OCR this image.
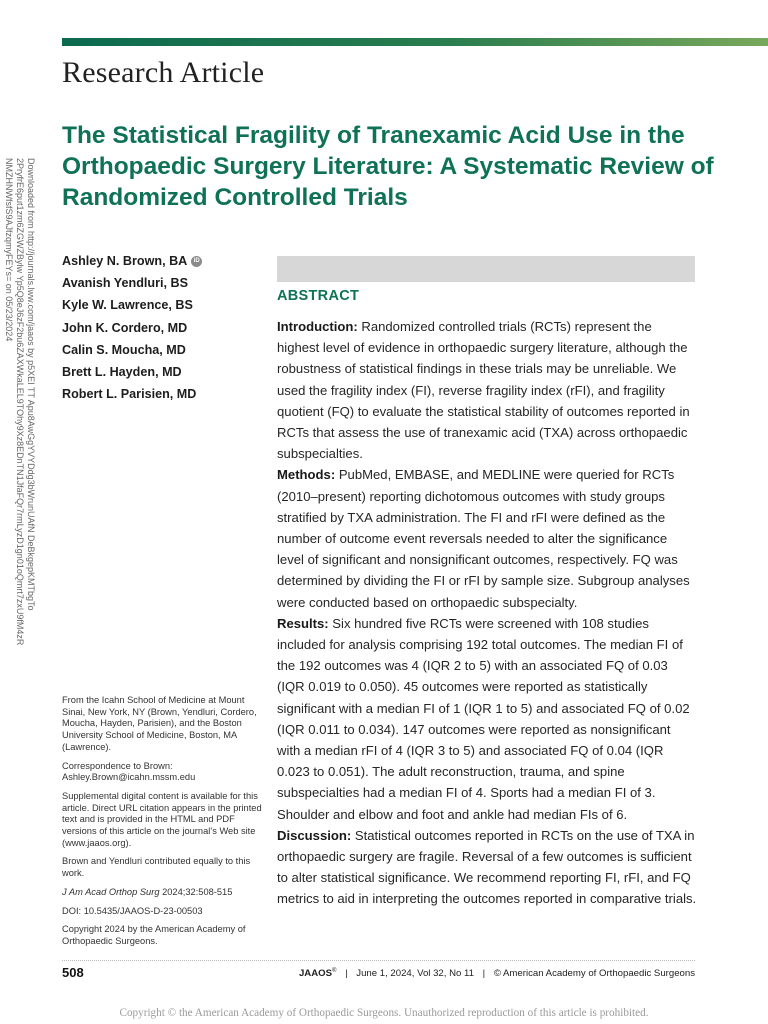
Research Article
The Statistical Fragility of Tranexamic Acid Use in the Orthopaedic Surgery Literature: A Systematic Review of Randomized Controlled Trials
Downloaded from http://journals.lww.com/jaaos by p5XEI TT Apu8AwGgYVYDdg3bWrunUAfN DeBkgepKMTbgTo
2PryfrE6put1zm6ZGWZBylw Yp5Q8eJ6zF2bu6ZAXWkaLEL9TOhy9Xz8EDnTN1JfaFQr7rmLyzD1gn01oQmrt7zxU9fM4zR
NMZHNWfsfS9AJfzqmyFEYs= on 05/23/2024	Ashley N. Brown, BA	iD
Avanish Yendluri, BS
Kyle W. Lawrence, BS
John K. Cordero, MD
Calin S. Moucha, MD
Brett L. Hayden, MD
Robert L. Parisien, MD
ABSTRACT

Introduction: Randomized controlled trials (RCTs) represent the highest level of evidence in orthopaedic surgery literature, although the robustness of statistical findings in these trials may be unreliable. We used the fragility index (FI), reverse fragility index (rFI), and fragility quotient (FQ) to evaluate the statistical stability of outcomes reported in RCTs that assess the use of tranexamic acid (TXA) across orthopaedic subspecialties.

Methods: PubMed, EMBASE, and MEDLINE were queried for RCTs (2010–present) reporting dichotomous outcomes with study groups stratified by TXA administration. The FI and rFI were defined as the number of outcome event reversals needed to alter the significance level of significant and nonsignificant outcomes, respectively. FQ was determined by dividing the FI or rFI by sample size. Subgroup analyses were conducted based on orthopaedic subspecialty.

Results: Six hundred five RCTs were screened with 108 studies included for analysis comprising 192 total outcomes. The median FI of the 192 outcomes was 4 (IQR 2 to 5) with an associated FQ of 0.03 (IQR 0.019 to 0.050). 45 outcomes were reported as statistically significant with a median FI of 1 (IQR 1 to 5) and associated FQ of 0.02 (IQR 0.011 to 0.034). 147 outcomes were reported as nonsignificant with a median rFI of 4 (IQR 3 to 5) and associated FQ of 0.04 (IQR 0.023 to 0.051). The adult reconstruction, trauma, and spine subspecialties had a median FI of 4. Sports had a median FI of 3. Shoulder and elbow and foot and ankle had median FIs of 6.

Discussion: Statistical outcomes reported in RCTs on the use of TXA in orthopaedic surgery are fragile. Reversal of a few outcomes is sufficient to alter statistical significance. We recommend reporting FI, rFI, and FQ metrics to aid in interpreting the outcomes reported in comparative trials.

From the Icahn School of Medicine at Mount Sinai, New York, NY (Brown, Yendluri, Cordero, Moucha, Hayden, Parisien), and the Boston University School of Medicine, Boston, MA (Lawrence).

Correspondence to Brown: Ashley.Brown@icahn.mssm.edu

Supplemental digital content is available for this article. Direct URL citation appears in the printed text and is provided in the HTML and PDF versions of this article on the journal’s Web site (www.jaaos.org).

Brown and Yendluri contributed equally to this work.

J Am Acad Orthop Surg 2024;32:508-515

DOI: 10.5435/JAAOS-D-23-00503

Copyright 2024 by the American Academy of Orthopaedic Surgeons.

508	JAAOS® | June 1, 2024, Vol 32, No 11 | © American Academy of Orthopaedic Surgeons
Copyright © the American Academy of Orthopaedic Surgeons. Unauthorized reproduction of this article is prohibited.
